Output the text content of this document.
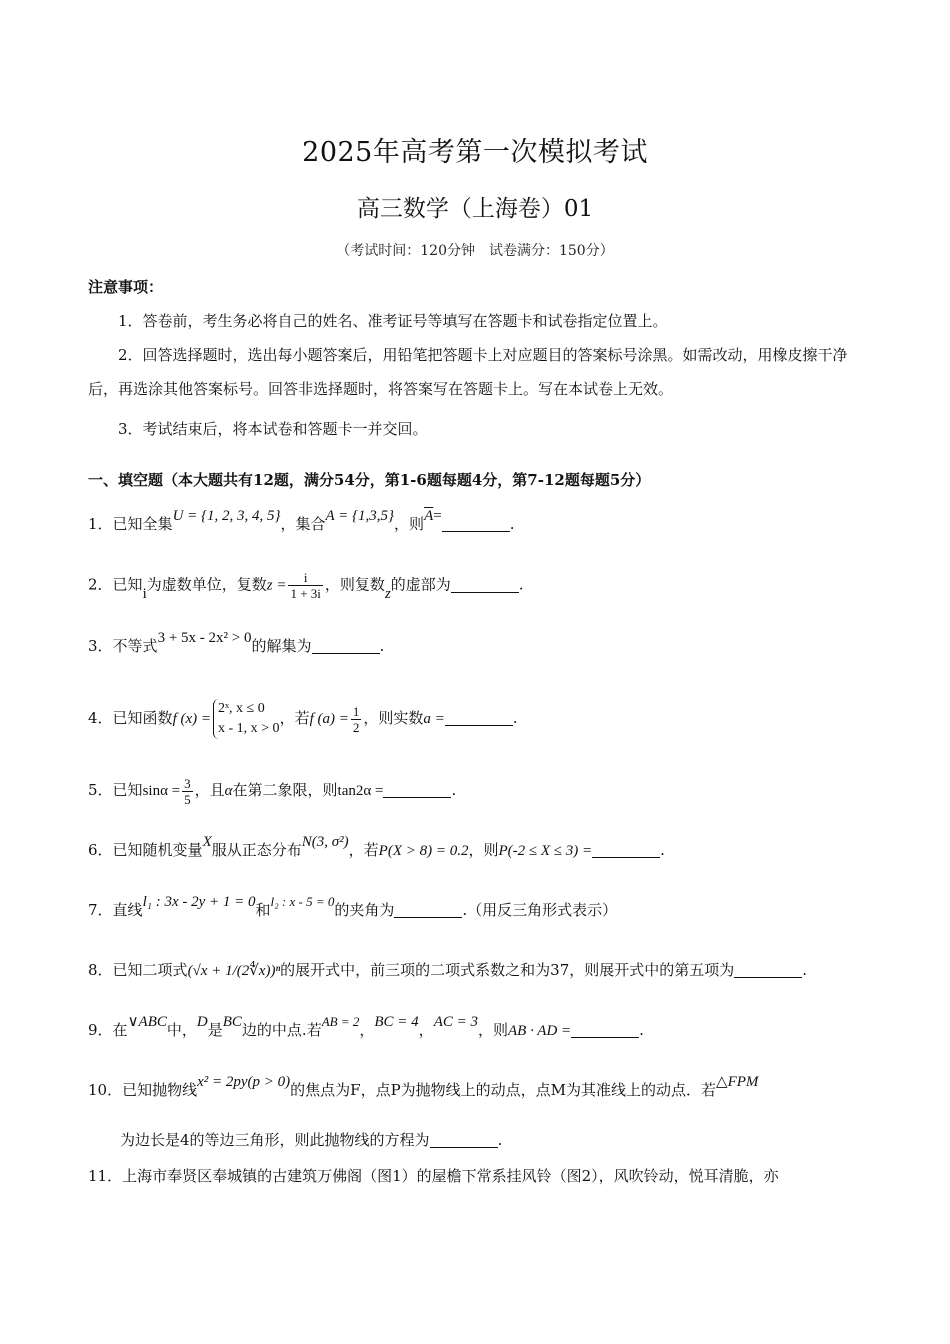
2025年高考第一次模拟考试
高三数学（上海卷）01
（考试时间：120分钟　试卷满分：150分）
注意事项：
1．答卷前，考生务必将自己的姓名、准考证号等填写在答题卡和试卷指定位置上。
2．回答选择题时，选出每小题答案后，用铅笔把答题卡上对应题目的答案标号涂黑。如需改动，用橡皮擦干净后，再选涂其他答案标号。回答非选择题时，将答案写在答题卡上。写在本试卷上无效。
3．考试结束后，将本试卷和答题卡一并交回。
一、填空题（本大题共有12题，满分54分，第1-6题每题4分，第7-12题每题5分）
1．已知全集U = {1, 2, 3, 4, 5}，集合A = {1,3,5}，则$\overline{A}=$	.
2．已知i为虚数单位，复数$z = \frac{i}{1 + 3i}$ ，则复数z的虚部为	.
3．不等式3 + 5x - 2x² > 0的解集为	.
4．已知函数f (x) =
2ˣ, x ≤ 0
x - 1, x > 0
，若f $(a) = \frac{1}{2}$ ，则实数a =	.
5．已知$\sin\alpha = \frac{3}{5}$ ，且α在第二象限，则tan2α =	.
6．已知随机变量X服从正态分布N(3, σ²)，若P(X > 8) = 0.2，则P(-2 ≤ X ≤ 3) =	.
7．直线l₁ : 3x - 2y + 1 = 0和l₂ : x - 5 = 0的夹角为	.（用反三角形式表示）
8．已知二项式(√x + 1/(2∜x))ⁿ的展开式中，前三项的二项式系数之和为37，则展开式中的第五项为	.
9．在∨ABC中，D是BC边的中点.若AB = 2，BC = 4，AC = 3，则AB · AD =	.
10．已知抛物线x² = 2py(p > 0)的焦点为F，点P为抛物线上的动点，点M为其准线上的动点．若△FPM
为边长是4的等边三角形，则此抛物线的方程为	.
11．上海市奉贤区奉城镇的古建筑万佛阁（图1）的屋檐下常系挂风铃（图2），风吹铃动，悦耳清脆，亦
